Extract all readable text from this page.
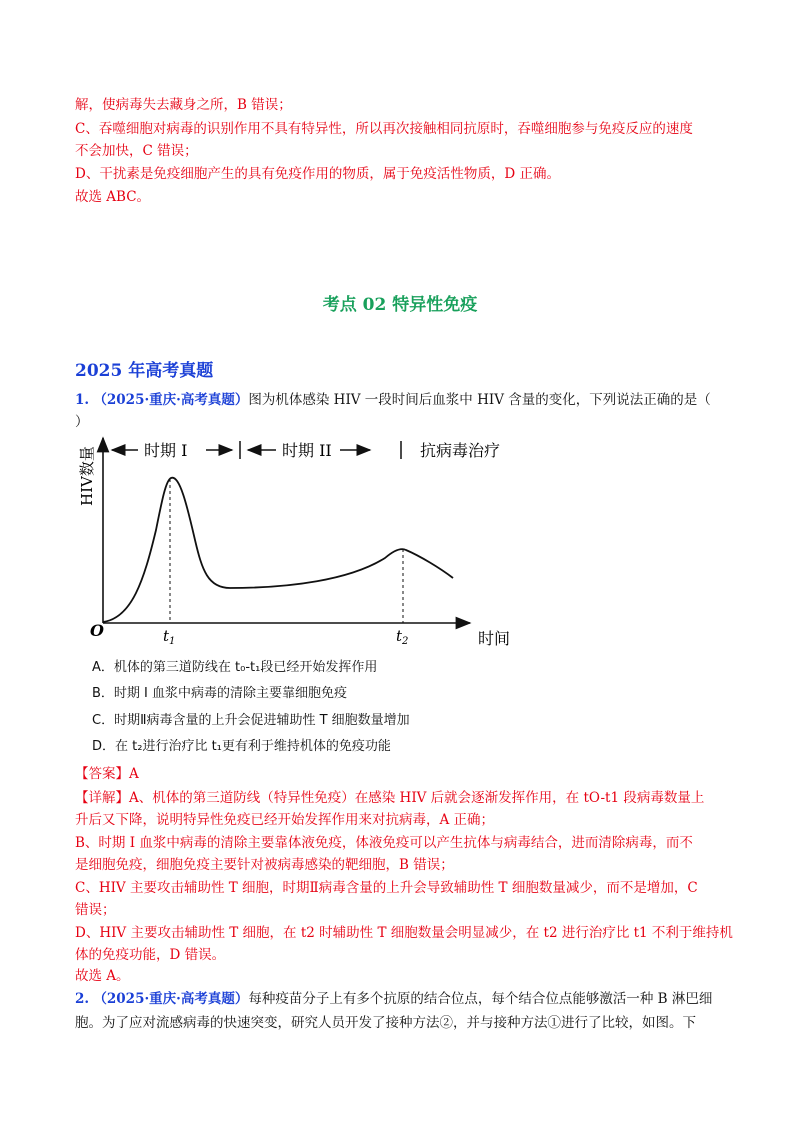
解，使病毒失去藏身之所，B 错误；
C、吞噬细胞对病毒的识别作用不具有特异性，所以再次接触相同抗原时，吞噬细胞参与免疫反应的速度
不会加快，C 错误；
D、干扰素是免疫细胞产生的具有免疫作用的物质，属于免疫活性物质，D 正确。
故选 ABC。
考点 02 特异性免疫
2025 年高考真题
1. （2025·重庆·高考真题）图为机体感染 HIV 一段时间后血浆中 HIV 含量的变化，下列说法正确的是（
）
时期 I	时期 II	抗病毒治疗
HIV数量
时间
O	$t_1$	$t_2$
A．机体的第三道防线在 t₀-t₁段已经开始发挥作用
B．时期 I 血浆中病毒的清除主要靠细胞免疫
C．时期Ⅱ病毒含量的上升会促进辅助性 T 细胞数量增加
D．在 t₂进行治疗比 t₁更有利于维持机体的免疫功能
【答案】A
【详解】A、机体的第三道防线（特异性免疫）在感染 HIV 后就会逐渐发挥作用，在 tO-t1 段病毒数量上
升后又下降，说明特异性免疫已经开始发挥作用来对抗病毒，A 正确；
B、时期 I 血浆中病毒的清除主要靠体液免疫，体液免疫可以产生抗体与病毒结合，进而清除病毒，而不
是细胞免疫，细胞免疫主要针对被病毒感染的靶细胞，B 错误；
C、HIV 主要攻击辅助性 T 细胞，时期Ⅱ病毒含量的上升会导致辅助性 T 细胞数量减少，而不是增加，C
错误；
D、HIV 主要攻击辅助性 T 细胞，在 t2 时辅助性 T 细胞数量会明显减少，在 t2 进行治疗比 t1 不利于维持机
体的免疫功能，D 错误。
故选 A。
2. （2025·重庆·高考真题）每种疫苗分子上有多个抗原的结合位点，每个结合位点能够激活一种 B 淋巴细
胞。为了应对流感病毒的快速突变，研究人员开发了接种方法②，并与接种方法①进行了比较，如图。下
